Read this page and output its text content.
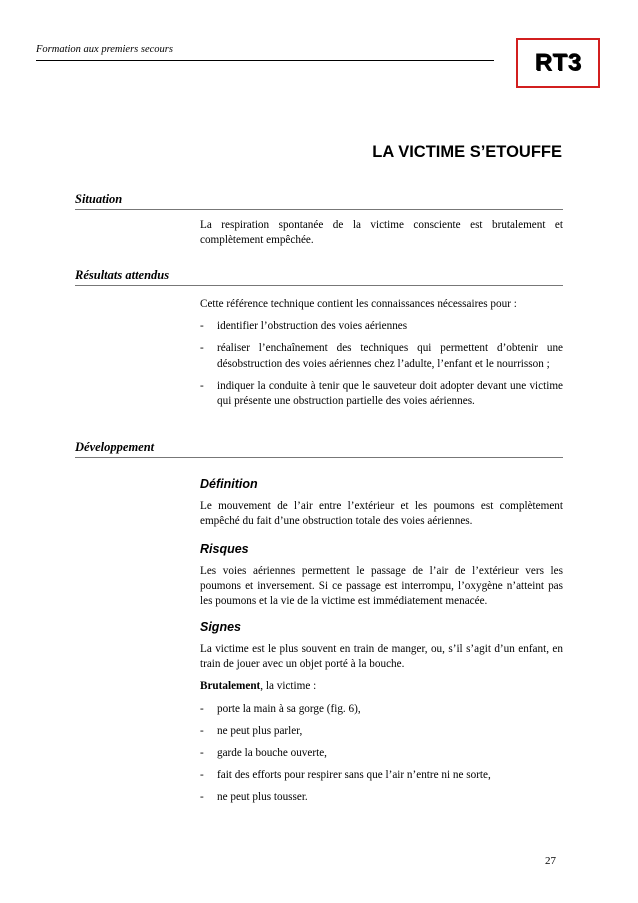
Formation aux premiers secours	RT3
LA VICTIME S’ETOUFFE
Situation

La respiration spontanée de la victime consciente est brutalement et complètement empêchée.

Résultats attendus

Cette référence technique contient les connaissances nécessaires pour :

- identifier l’obstruction des voies aériennes
- réaliser l’enchaînement des techniques qui permettent d’obtenir une désobstruction des voies aériennes chez l’adulte, l’enfant et le nourrisson ;
- indiquer la conduite à tenir que le sauveteur doit adopter devant une victime qui présente une obstruction partielle des voies aériennes.
Développement
Définition

Le mouvement de l’air entre l’extérieur et les poumons est complètement empêché du fait d’une obstruction totale des voies aériennes.

Risques

Les voies aériennes permettent le passage de l’air de l’extérieur vers les poumons et inversement. Si ce passage est interrompu, l’oxygène n’atteint pas les poumons et la vie de la victime est immédiatement menacée.

Signes

La victime est le plus souvent en train de manger, ou, s’il s’agit d’un enfant, en train de jouer avec un objet porté à la bouche.

Brutalement, la victime :

- porte la main à sa gorge (fig. 6),
- ne peut plus parler,
- garde la bouche ouverte,
- fait des efforts pour respirer sans que l’air n’entre ni ne sorte,
- ne peut plus tousser.
27
